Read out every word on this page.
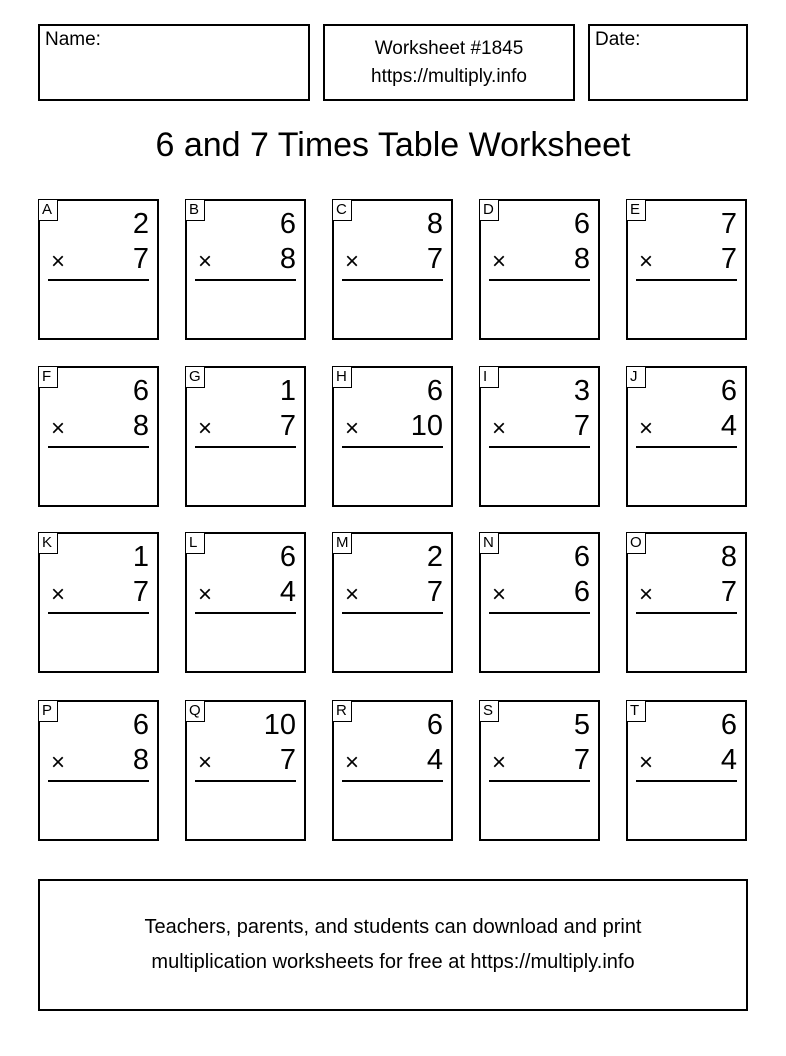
Name:	Worksheet #1845
https://multiply.info
Date:
6 and 7 Times Table Worksheet
A	2
× 7
B	6
× 8
C	8
× 7
D	6
× 8
E	7
× 7
F	6
× 8
G	1
× 7
H	6
× 10
I	3
× 7
J	6
× 4
K	1
× 7
L	6
× 4
M	2
× 7
N	6
× 6
O	8
× 7
P	6
× 8
Q 10
× 7
R	6
× 4
S	5
× 7
T	6
× 4
Teachers, parents, and students can download and print
multiplication worksheets for free at https://multiply.info
